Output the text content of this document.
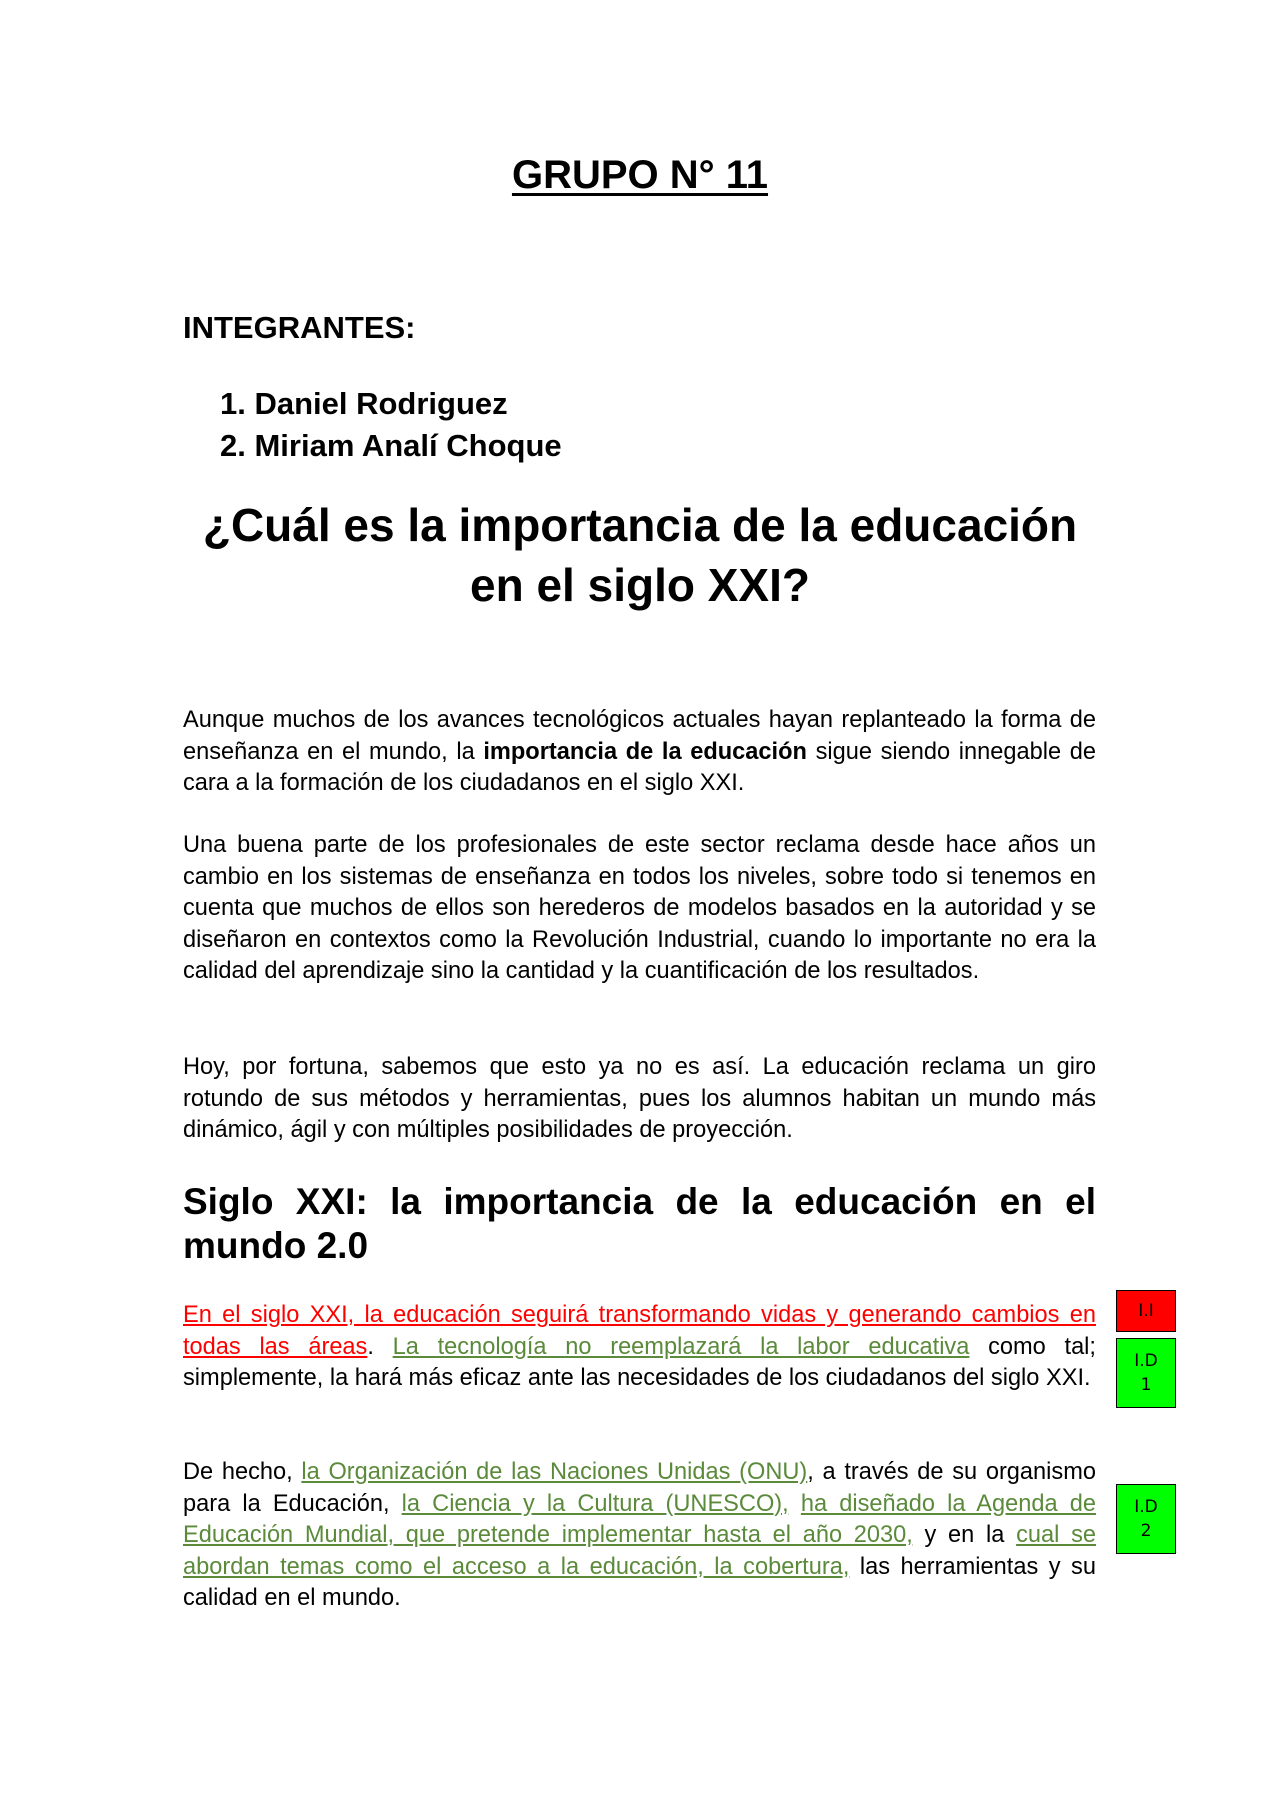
GRUPO N° 11
INTEGRANTES:
1. Daniel Rodriguez
2. Miriam Analí Choque
¿Cuál es la importancia de la educación
en el siglo XXI?

Aunque muchos de los avances tecnológicos actuales hayan replanteado la forma de enseñanza en el mundo, la importancia de la educación sigue siendo innegable de cara a la formación de los ciudadanos en el siglo XXI.

Una buena parte de los profesionales de este sector reclama desde hace años un cambio en los sistemas de enseñanza en todos los niveles, sobre todo si tenemos en cuenta que muchos de ellos son herederos de modelos basados en la autoridad y se diseñaron en contextos como la Revolución Industrial, cuando lo importante no era la calidad del aprendizaje sino la cantidad y la cuantificación de los resultados.

Hoy, por fortuna, sabemos que esto ya no es así. La educación reclama un giro rotundo de sus métodos y herramientas, pues los alumnos habitan un mundo más dinámico, ágil y con múltiples posibilidades de proyección.

Siglo XXI: la importancia de la educación en el mundo 2.0

En el siglo XXI, la educación seguirá transformando vidas y generando cambios en todas las áreas. La tecnología no reemplazará la labor educativa como tal; simplemente, la hará más eficaz ante las necesidades de los ciudadanos del siglo XXI.

De hecho, la Organización de las Naciones Unidas (ONU), a través de su organismo para la Educación, la Ciencia y la Cultura (UNESCO), ha diseñado la Agenda de Educación Mundial, que pretende implementar hasta el año 2030, y en la cual se abordan temas como el acceso a la educación, la cobertura, las herramientas y su calidad en el mundo.

I.I
I.D
1
I.D
2
